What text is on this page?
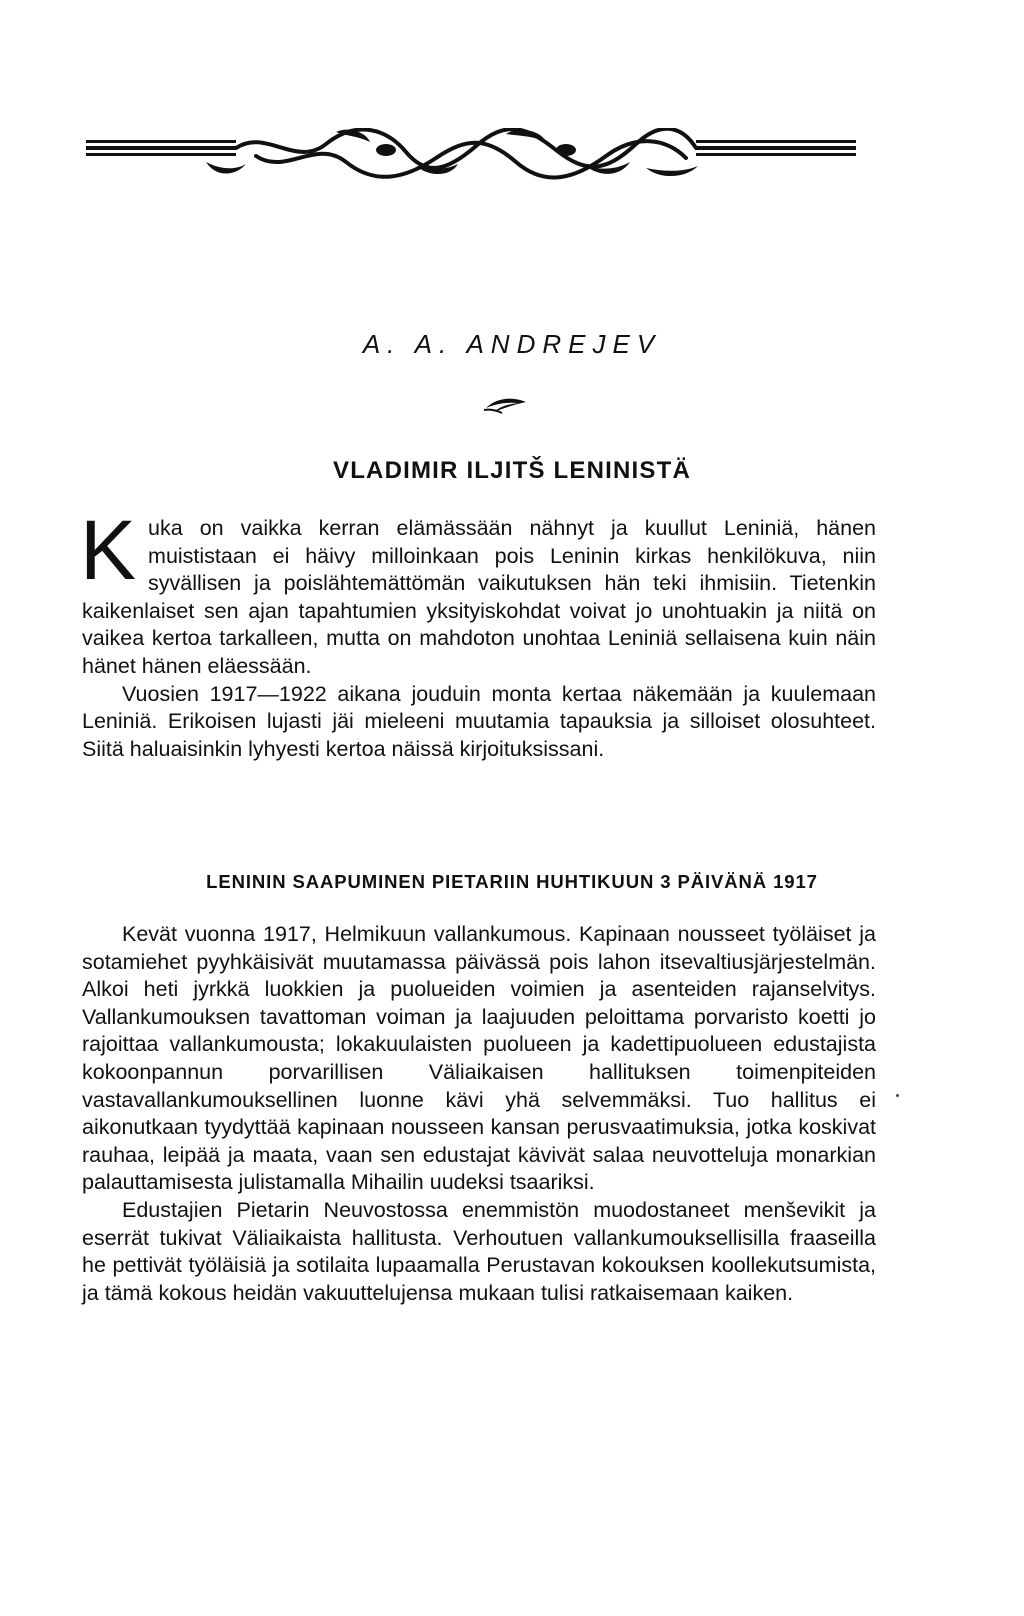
A. A. ANDREJEV
VLADIMIR ILJITŠ LENINISTÄ

Kuka on vaikka kerran elämässään nähnyt ja kuullut Leniniä, hänen muististaan ei häivy milloinkaan pois Leninin kirkas henkilökuva, niin syvällisen ja poislähtemättömän vaikutuksen hän teki ihmisiin. Tietenkin kaikenlaiset sen ajan tapahtumien yksityiskohdat voivat jo unohtuakin ja niitä on vaikea kertoa tarkalleen, mutta on mahdoton unohtaa Leniniä sellaisena kuin näin hänet hänen eläessään.

Vuosien 1917—1922 aikana jouduin monta kertaa näkemään ja kuulemaan Leniniä. Erikoisen lujasti jäi mieleeni muutamia tapauksia ja silloiset olosuhteet. Siitä haluaisinkin lyhyesti kertoa näissä kirjoituksissani.

LENININ SAAPUMINEN PIETARIIN HUHTIKUUN 3 PÄIVÄNÄ 1917

Kevät vuonna 1917, Helmikuun vallankumous. Kapinaan nousseet työläiset ja sotamiehet pyyhkäisivät muutamassa päivässä pois lahon itsevaltiusjärjestelmän. Alkoi heti jyrkkä luokkien ja puolueiden voimien ja asenteiden rajanselvitys. Vallankumouksen tavattoman voiman ja laajuuden peloittama porvaristo koetti jo rajoittaa vallankumousta; lokakuulaisten puolueen ja kadettipuolueen edustajista kokoonpannun porvarillisen Väliaikaisen hallituksen toimenpiteiden vastavallankumouksellinen luonne kävi yhä selvemmäksi. Tuo hallitus ei aikonutkaan tyydyttää kapinaan nousseen kansan perusvaatimuksia, jotka koskivat rauhaa, leipää ja maata, vaan sen edustajat kävivät salaa neuvotteluja monarkian palauttamisesta julistamalla Mihailin uudeksi tsaariksi.

Edustajien Pietarin Neuvostossa enemmistön muodostaneet menševikit ja eserrät tukivat Väliaikaista hallitusta. Verhoutuen vallankumouksellisilla fraaseilla he pettivät työläisiä ja sotilaita lupaamalla Perustavan kokouksen koollekutsumista, ja tämä kokous heidän vakuuttelujensa mukaan tulisi ratkaisemaan kaiken.
